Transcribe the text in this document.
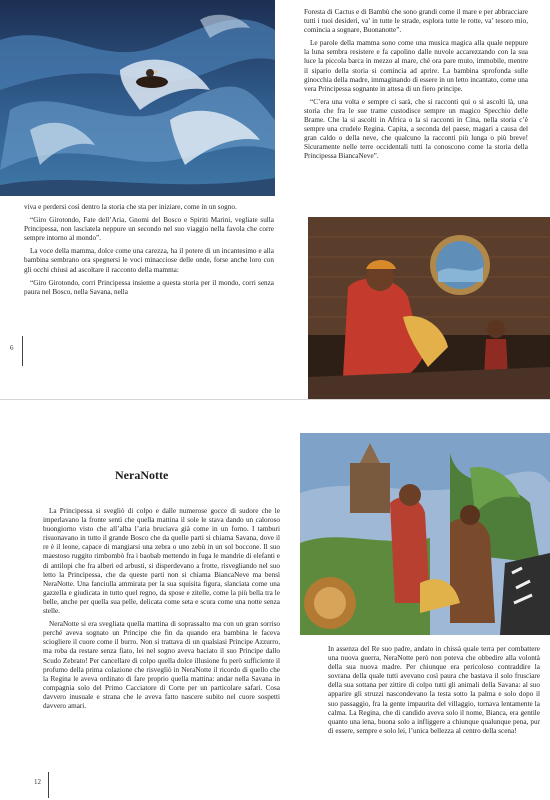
viva e perdersi così dentro la storia che sta per iniziare, come in un sogno.

“Giro Girotondo, Fate dell’Aria, Gnomi del Bosco e Spiriti Marini, vegliate sulla Principessa, non lasciatela neppure un secondo nel suo viaggio nella favola che corre sempre intorno al mondo”.

La voce della mamma, dolce come una carezza, ha il potere di un incantesimo e alla bambina sembrano ora spegnersi le voci minacciose delle onde, forse anche loro con gli occhi chiusi ad ascoltare il racconto della mamma:

“Giro Girotondo, corri Principessa insieme a questa storia per il mondo, corri senza paura nel Bosco, nella Savana, nella

Foresta di Cactus e di Bambù che sono grandi come il mare e per abbracciare tutti i tuoi desideri, va’ in tutte le strade, esplora tutte le rotte, va’ tesoro mio, comincia a sognare, Buonanotte”.

Le parole della mamma sono come una musica magica alla quale neppure la luna sembra resistere e fa capolino dalle nuvole accarezzando con la sua luce la piccola barca in mezzo al mare, ché ora pare muto, immobile, mentre il sipario della storia si comincia ad aprire. La bambina sprofonda sulle ginocchia della madre, immaginando di essere in un letto incantato, come una vera Principessa sognante in attesa di un fiero principe.

“C’era una volta e sempre ci sarà, che si racconti qui o si ascolti là, una storia che fra le sue trame custodisce sempre un magico Specchio delle Brame. Che la si ascolti in Africa o la si racconti in Cina, nella storia c’è sempre una crudele Regina. Capita, a seconda del paese, magari a causa del gran caldo o della neve, che qualcuno la racconti più lunga o più breve! Sicuramente nelle terre occidentali tutti la conoscono come la storia della Principessa BiancaNeve”.

6
NeraNotte

La Principessa si svegliò di colpo e dalle numerose gocce di sudore che le imperlavano la fronte sentì che quella mattina il sole le stava dando un caloroso buongiorno visto che all’alba l’aria bruciava già come in un forno. I tamburi risuonavano in tutto il grande Bosco che da quelle parti si chiama Savana, dove il re è il leone, capace di mangiarsi una zebra o uno zebù in un sol boccone. Il suo maestoso ruggito rimbombò fra i baobab mettendo in fuga le mandrie di elefanti e di antilopi che fra alberi ed arbusti, si disperdevano a frotte, risvegliando nel suo letto la Principessa, che da queste parti non si chiama BiancaNeve ma bensì NeraNotte. Una fanciulla ammirata per la sua squisita figura, slanciata come una gazzella e giudicata in tutto quel regno, da spose e zitelle, come la più bella tra le belle, anche per quella sua pelle, delicata come seta e scura come una notte senza stelle.

NeraNotte si era svegliata quella mattina di soprassalto ma con un gran sorriso perché aveva sognato un Principe che fin da quando era bambina le faceva sciogliere il cuore come il burro. Non si trattava di un qualsiasi Principe Azzurro, ma roba da restare senza fiato, lei nel sogno aveva baciato il suo Principe dallo Scudo Zebrato! Per cancellare di colpo quella dolce illusione fu però sufficiente il profumo della prima colazione che risvegliò in NeraNotte il ricordo di quello che la Regina le aveva ordinato di fare proprio quella mattina: andar nella Savana in compagnia solo del Primo Cacciatore di Corte per un particolare safari. Cosa davvero inusuale e strana che le aveva fatto nascere subito nel cuore sospetti davvero amari.

In assenza del Re suo padre, andato in chissà quale terra per combattere una nuova guerra, NeraNotte però non poteva che obbedire alla volontà della sua nuova madre. Per chiunque era pericoloso contraddire la sovrana della quale tutti avevano così paura che bastava il solo fruscìare della sua sottana per zittire di colpo tutti gli animali della Savana: al suo apparire gli struzzi nascondevano la testa sotto la palma e solo dopo il suo passaggio, fra la gente impaurita del villaggio, tornava lentamente la calma. La Regina, che di candido aveva solo il nome, Bianca, era gentile quanto una iena, buona solo a infliggere a chiunque qualunque pena, pur di essere, sempre e solo lei, l’unica bellezza al centro della scena!

12
